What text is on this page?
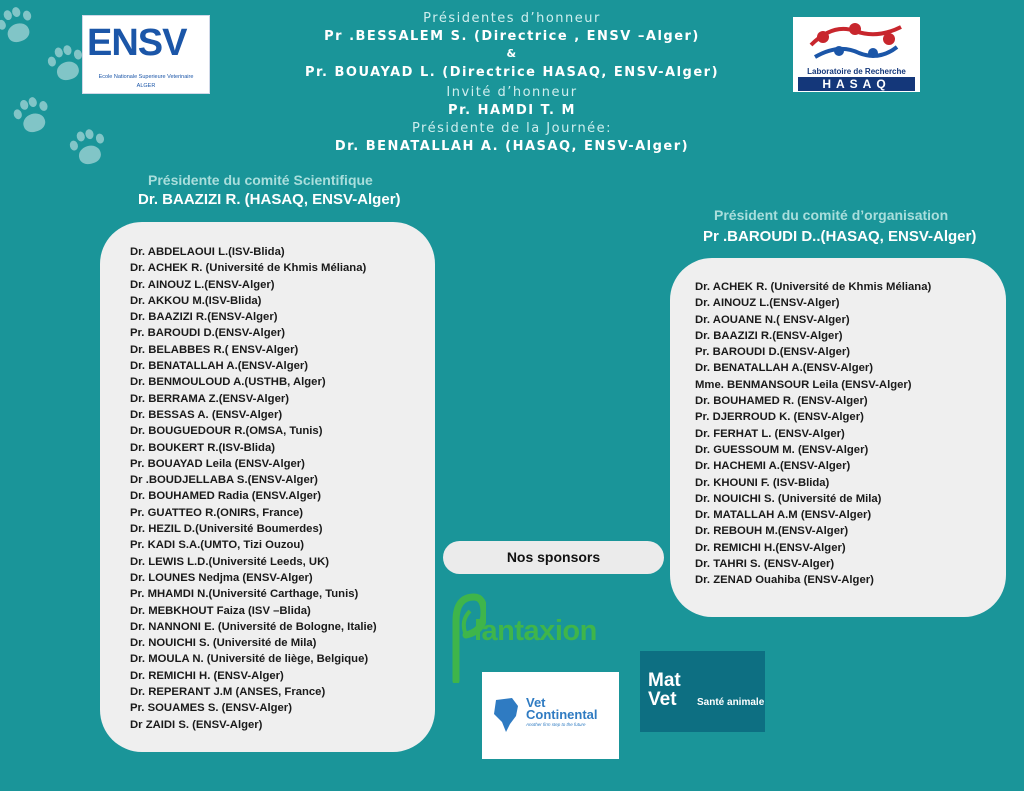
ENSV
Ecole Nationale Superieure Veterinaire
ALGER
Laboratoire de Recherche
HASAQ
Présidentes d’honneur
Pr .BESSALEM S. (Directrice , ENSV –Alger)
&
Pr. BOUAYAD L. (Directrice HASAQ, ENSV-Alger)
Invité d’honneur
Pr. HAMDI T. M
Présidente de la Journée:
Dr. BENATALLAH A. (HASAQ, ENSV-Alger)
Présidente du comité Scientifique
Dr. BAAZIZI R. (HASAQ, ENSV-Alger)
Président du comité d’organisation
Pr .BAROUDI D..(HASAQ, ENSV-Alger)
Dr. ABDELAOUI L.(ISV-Blida)
Dr. ACHEK R. (Université de Khmis Méliana)
Dr. AINOUZ L.(ENSV-Alger)
Dr. AKKOU M.(ISV-Blida)
Dr. BAAZIZI R.(ENSV-Alger)
Pr. BAROUDI D.(ENSV-Alger)
Dr. BELABBES R.( ENSV-Alger)
Dr. BENATALLAH A.(ENSV-Alger)
Dr. BENMOULOUD A.(USTHB, Alger)
Dr. BERRAMA Z.(ENSV-Alger)
Dr. BESSAS A. (ENSV-Alger)
Dr. BOUGUEDOUR R.(OMSA, Tunis)
Dr. BOUKERT R.(ISV-Blida)
Pr. BOUAYAD Leila (ENSV-Alger)
Dr .BOUDJELLABA S.(ENSV-Alger)
Dr. BOUHAMED Radia (ENSV.Alger)
Pr. GUATTEO R.(ONIRS, France)
Dr. HEZIL D.(Université Boumerdes)
Pr. KADI S.A.(UMTO, Tizi Ouzou)
Dr. LEWIS L.D.(Université Leeds, UK)
Dr. LOUNES Nedjma (ENSV-Alger)
Pr. MHAMDI N.(Université Carthage, Tunis)
Dr. MEBKHOUT Faiza (ISV –Blida)
Dr. NANNONI E. (Université de Bologne, Italie)
Dr. NOUICHI S. (Université de Mila)
Dr. MOULA N. (Université de liège, Belgique)
Dr. REMICHI H. (ENSV-Alger)
Dr. REPERANT J.M (ANSES, France)
Pr. SOUAMES S. (ENSV-Alger)
Dr ZAIDI S. (ENSV-Alger)
Dr. ACHEK R. (Université de Khmis Méliana)
Dr. AINOUZ L.(ENSV-Alger)
Dr. AOUANE N.( ENSV-Alger)
Dr. BAAZIZI R.(ENSV-Alger)
Pr. BAROUDI D.(ENSV-Alger)
Dr. BENATALLAH A.(ENSV-Alger)
Mme. BENMANSOUR Leila (ENSV-Alger)
Dr. BOUHAMED R. (ENSV-Alger)
Pr. DJERROUD K. (ENSV-Alger)
Dr. FERHAT L. (ENSV-Alger)
Dr. GUESSOUM M. (ENSV-Alger)
Dr. HACHEMI A.(ENSV-Alger)
Dr. KHOUNI F. (ISV-Blida)
Dr. NOUICHI S. (Université de Mila)
Dr. MATALLAH A.M (ENSV-Alger)
Dr. REBOUH M.(ENSV-Alger)
Dr. REMICHI H.(ENSV-Alger)
Dr. TAHRI S. (ENSV-Alger)
Dr. ZENAD Ouahiba (ENSV-Alger)
Nos sponsors
lantaxion
Vet
Continental
Another firm step to the future
Mat
Vet	Santé animale
